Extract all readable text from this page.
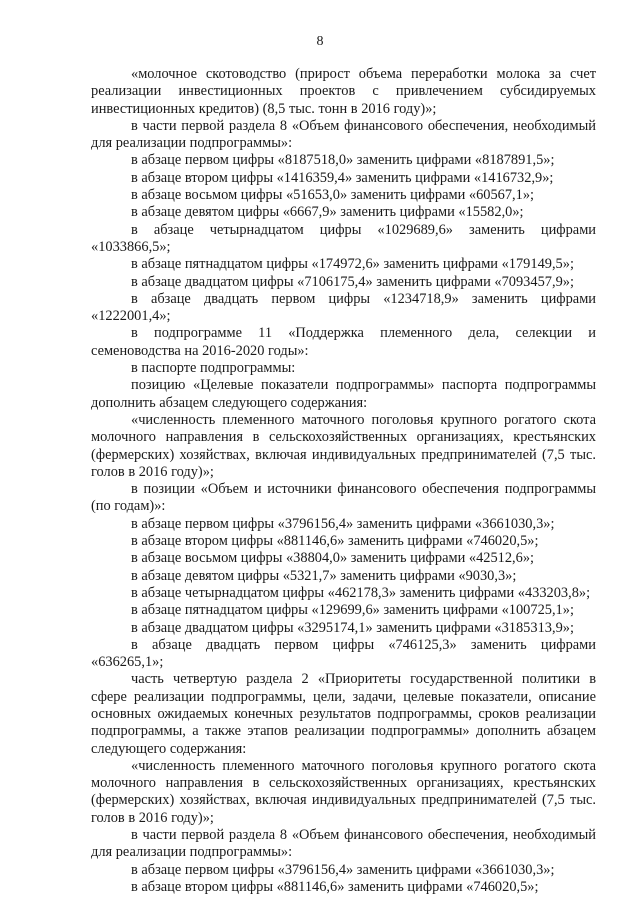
8

«молочное скотоводство (прирост объема переработки молока за счет реализации инвестиционных проектов с привлечением субсидируемых инвестиционных кредитов) (8,5 тыс. тонн в 2016 году)»;

в части первой раздела 8 «Объем финансового обеспечения, необходимый для реализации подпрограммы»:

в абзаце первом цифры «8187518,0» заменить цифрами «8187891,5»;

в абзаце втором цифры «1416359,4» заменить цифрами «1416732,9»;

в абзаце восьмом цифры «51653,0» заменить цифрами «60567,1»;

в абзаце девятом цифры «6667,9» заменить цифрами «15582,0»;

в абзаце четырнадцатом цифры «1029689,6» заменить цифрами «1033866,5»;

в абзаце пятнадцатом цифры «174972,6» заменить цифрами «179149,5»;

в абзаце двадцатом цифры «7106175,4» заменить цифрами «7093457,9»;

в абзаце двадцать первом цифры «1234718,9» заменить цифрами «1222001,4»;

в подпрограмме 11 «Поддержка племенного дела, селекции и семеноводства на 2016-2020 годы»:

в паспорте подпрограммы:

позицию «Целевые показатели подпрограммы» паспорта подпрограммы дополнить абзацем следующего содержания:

«численность племенного маточного поголовья крупного рогатого скота молочного направления в сельскохозяйственных организациях, крестьянских (фермерских) хозяйствах, включая индивидуальных предпринимателей (7,5 тыс. голов в 2016 году)»;

в позиции «Объем и источники финансового обеспечения подпрограммы (по годам)»:

в абзаце первом цифры «3796156,4» заменить цифрами «3661030,3»;

в абзаце втором цифры «881146,6» заменить цифрами «746020,5»;

в абзаце восьмом цифры «38804,0» заменить цифрами «42512,6»;

в абзаце девятом цифры «5321,7» заменить цифрами «9030,3»;

в абзаце четырнадцатом цифры «462178,3» заменить цифрами «433203,8»;

в абзаце пятнадцатом цифры «129699,6» заменить цифрами «100725,1»;

в абзаце двадцатом цифры «3295174,1» заменить цифрами «3185313,9»;

в абзаце двадцать первом цифры «746125,3» заменить цифрами «636265,1»;

часть четвертую раздела 2 «Приоритеты государственной политики в сфере реализации подпрограммы, цели, задачи, целевые показатели, описание основных ожидаемых конечных результатов подпрограммы, сроков реализации подпрограммы, а также этапов реализации подпрограммы» дополнить абзацем следующего содержания:

«численность племенного маточного поголовья крупного рогатого скота молочного направления в сельскохозяйственных организациях, крестьянских (фермерских) хозяйствах, включая индивидуальных предпринимателей (7,5 тыс. голов в 2016 году)»;

в части первой раздела 8 «Объем финансового обеспечения, необходимый для реализации подпрограммы»:

в абзаце первом цифры «3796156,4» заменить цифрами «3661030,3»;

в абзаце втором цифры «881146,6» заменить цифрами «746020,5»;
